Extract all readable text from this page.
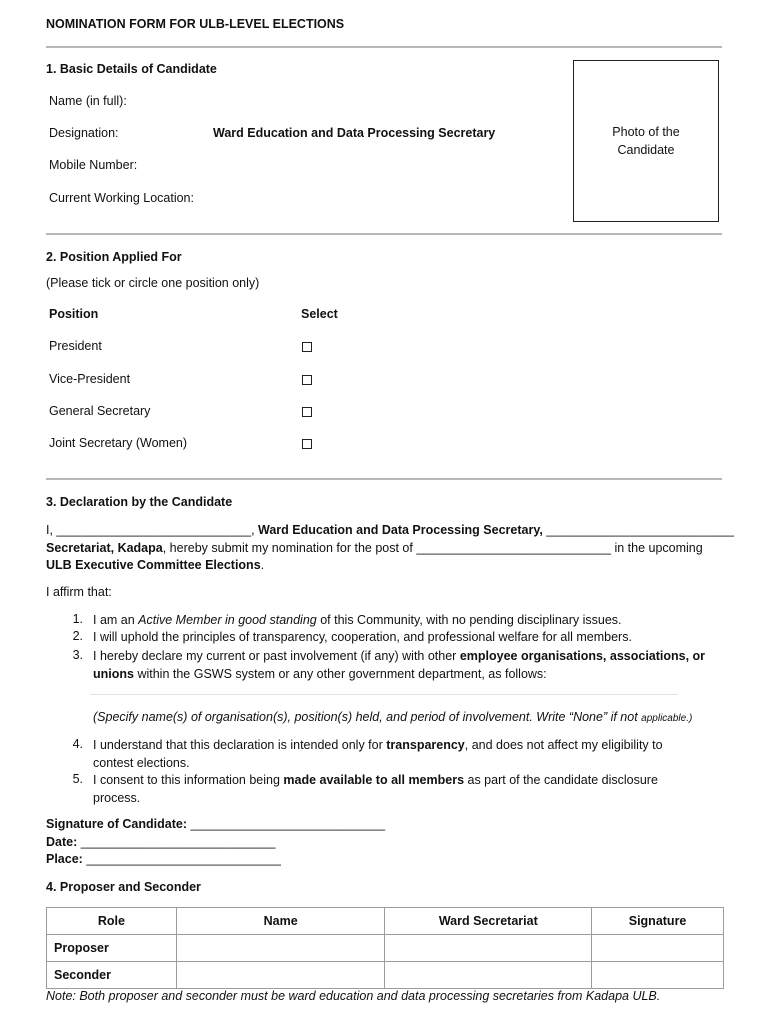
NOMINATION FORM FOR ULB-LEVEL ELECTIONS
1. Basic Details of Candidate
Name (in full):
Designation:	Ward Education and Data Processing Secretary
Mobile Number:
Current Working Location:
Photo of the
Candidate
2. Position Applied For
(Please tick or circle one position only)
Position	Select
President
Vice-President
General Secretary
Joint Secretary (Women)
3. Declaration by the Candidate
I, ____________________________, Ward Education and Data Processing Secretary, ___________________________
Secretariat, Kadapa, hereby submit my nomination for the post of ____________________________ in the upcoming
ULB Executive Committee Elections.
I affirm that:
1. I am an Active Member in good standing of this Community, with no pending disciplinary issues.
2. I will uphold the principles of transparency, cooperation, and professional welfare for all members.
3. I hereby declare my current or past involvement (if any) with other employee organisations, associations, or
unions within the GSWS system or any other government department, as follows:
(Specify name(s) of organisation(s), position(s) held, and period of involvement. Write “None” if not applicable.)
4. I understand that this declaration is intended only for transparency, and does not affect my eligibility to
contest elections.
5. I consent to this information being made available to all members as part of the candidate disclosure
process.
Signature of Candidate: ____________________________
Date: ____________________________
Place: ____________________________
4. Proposer and Seconder
Role	Name	Ward Secretariat	Signature
Proposer			
Seconder			
Note: Both proposer and seconder must be ward education and data processing secretaries from Kadapa ULB.
